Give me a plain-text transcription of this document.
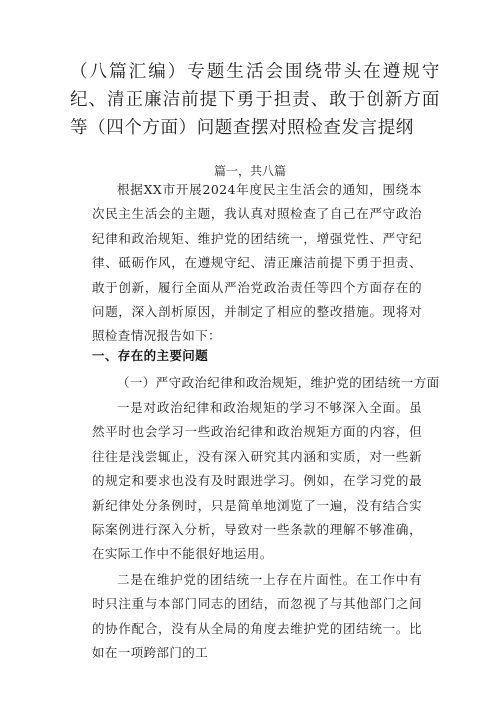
（八篇汇编）专题生活会围绕带头在遵规守纪、清正廉洁前提下勇于担责、敢于创新方面等（四个方面）问题查摆对照检查发言提纲
篇一，共八篇
根据XX市开展2024年度民主生活会的通知，围绕本次民主生活会的主题，我认真对照检查了自己在严守政治纪律和政治规矩、维护党的团结统一，增强党性、严守纪律、砥砺作风，在遵规守纪、清正廉洁前提下勇于担责、敢于创新，履行全面从严治党政治责任等四个方面存在的问题，深入剖析原因，并制定了相应的整改措施。现将对照检查情况报告如下：
一、存在的主要问题
（一）严守政治纪律和政治规矩，维护党的团结统一方面
一是对政治纪律和政治规矩的学习不够深入全面。虽然平时也会学习一些政治纪律和政治规矩方面的内容，但往往是浅尝辄止，没有深入研究其内涵和实质，对一些新的规定和要求也没有及时跟进学习。例如，在学习党的最新纪律处分条例时，只是简单地浏览了一遍，没有结合实际案例进行深入分析，导致对一些条款的理解不够准确，在实际工作中不能很好地运用。
二是在维护党的团结统一上存在片面性。在工作中有时只注重与本部门同志的团结，而忽视了与其他部门之间的协作配合，没有从全局的角度去维护党的团结统一。比如在一项跨部门的工
